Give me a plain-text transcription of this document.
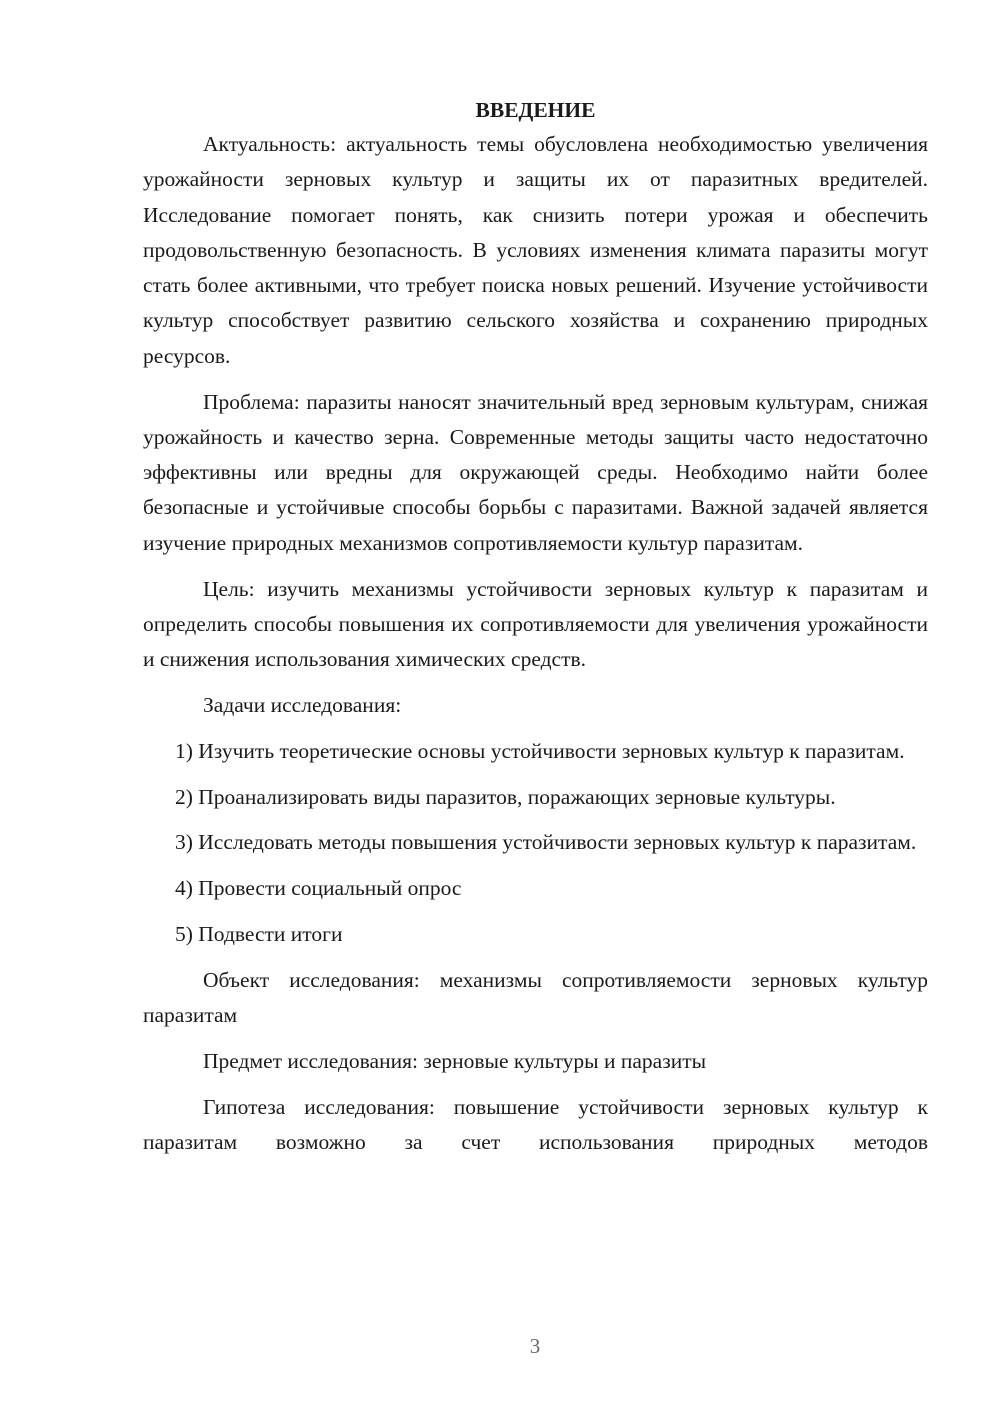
ВВЕДЕНИЕ

Актуальность: актуальность темы обусловлена необходимостью увеличения урожайности зерновых культур и защиты их от паразитных вредителей. Исследование помогает понять, как снизить потери урожая и обеспечить продовольственную безопасность. В условиях изменения климата паразиты могут стать более активными, что требует поиска новых решений. Изучение устойчивости культур способствует развитию сельского хозяйства и сохранению природных ресурсов.

Проблема: паразиты наносят значительный вред зерновым культурам, снижая урожайность и качество зерна. Современные методы защиты часто недостаточно эффективны или вредны для окружающей среды. Необходимо найти более безопасные и устойчивые способы борьбы с паразитами. Важной задачей является изучение природных механизмов сопротивляемости культур паразитам.

Цель: изучить механизмы устойчивости зерновых культур к паразитам и определить способы повышения их сопротивляемости для увеличения урожайности и снижения использования химических средств.

Задачи исследования:

1) Изучить теоретические основы устойчивости зерновых культур к паразитам.

2) Проанализировать виды паразитов, поражающих зерновые культуры.

3) Исследовать методы повышения устойчивости зерновых культур к паразитам.

4) Провести социальный опрос

5) Подвести итоги

Объект исследования: механизмы сопротивляемости зерновых культур паразитам

Предмет исследования: зерновые культуры и паразиты

Гипотеза исследования: повышение устойчивости зерновых культур к паразитам возможно за счет использования природных методов

3
